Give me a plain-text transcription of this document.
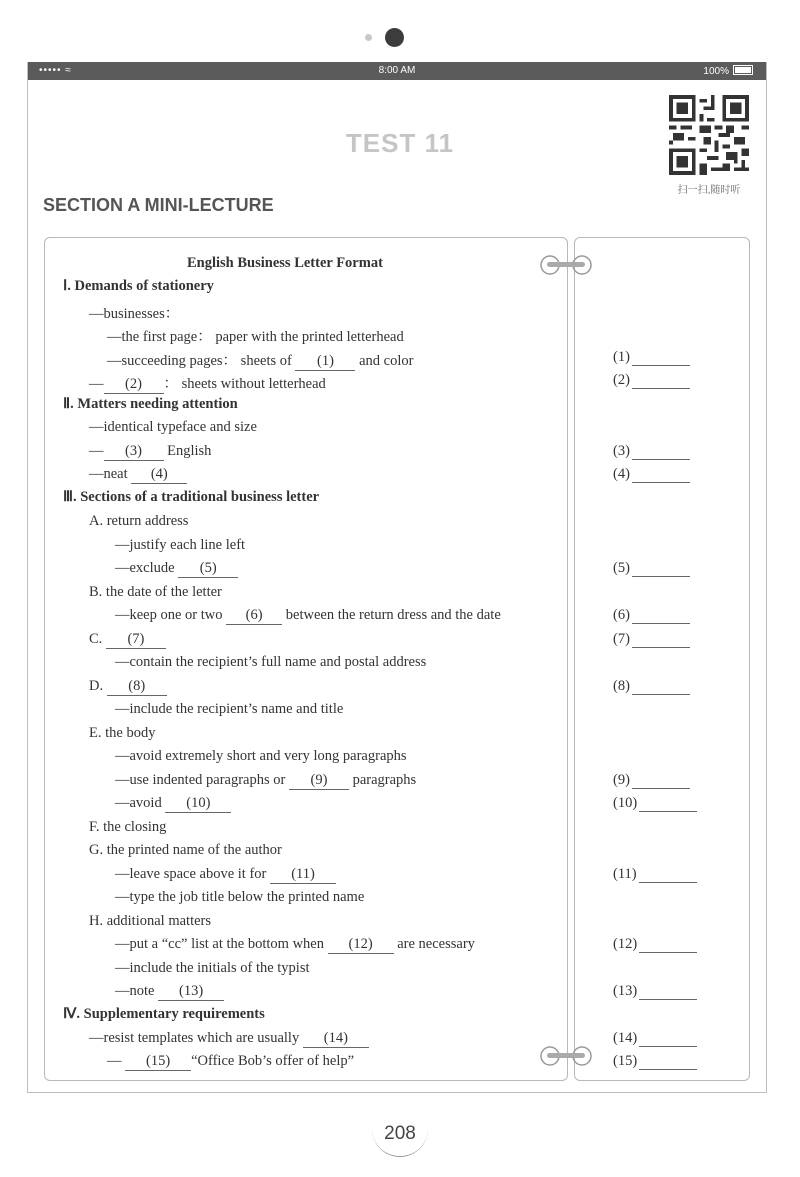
••••• ≈	8:00 AM	100%
TEST 11
扫一扫,随时听
SECTION A MINI-LECTURE
English Business Letter Format
Ⅰ. Demands of stationery
—businesses：
—the first page： paper with the printed letterhead
—succeeding pages： sheets of (1) and color
— (2) ： sheets without letterhead
Ⅱ. Matters needing attention
—identical typeface and size
— (3) English
—neat (4)
Ⅲ. Sections of a traditional business letter
A. return address
—justify each line left
—exclude (5)
B. the date of the letter
—keep one or two (6) between the return dress and the date
C. (7)
—contain the recipient’s full name and postal address
D. (8)
—include the recipient’s name and title
E. the body
—avoid extremely short and very long paragraphs
—use indented paragraphs or (9) paragraphs
—avoid (10)
F. the closing
G. the printed name of the author
—leave space above it for (11)
—type the job title below the printed name
H. additional matters
—put a “cc” list at the bottom when (12) are necessary
—include the initials of the typist
—note (13)
Ⅳ. Supplementary requirements
—resist templates which are usually (14)
— (15) “Office Bob’s offer of help”
(1)
(2)
(3)
(4)
(5)
(6)
(7)
(8)
(9)
(10)
(11)
(12)
(13)
(14)
(15)
208
